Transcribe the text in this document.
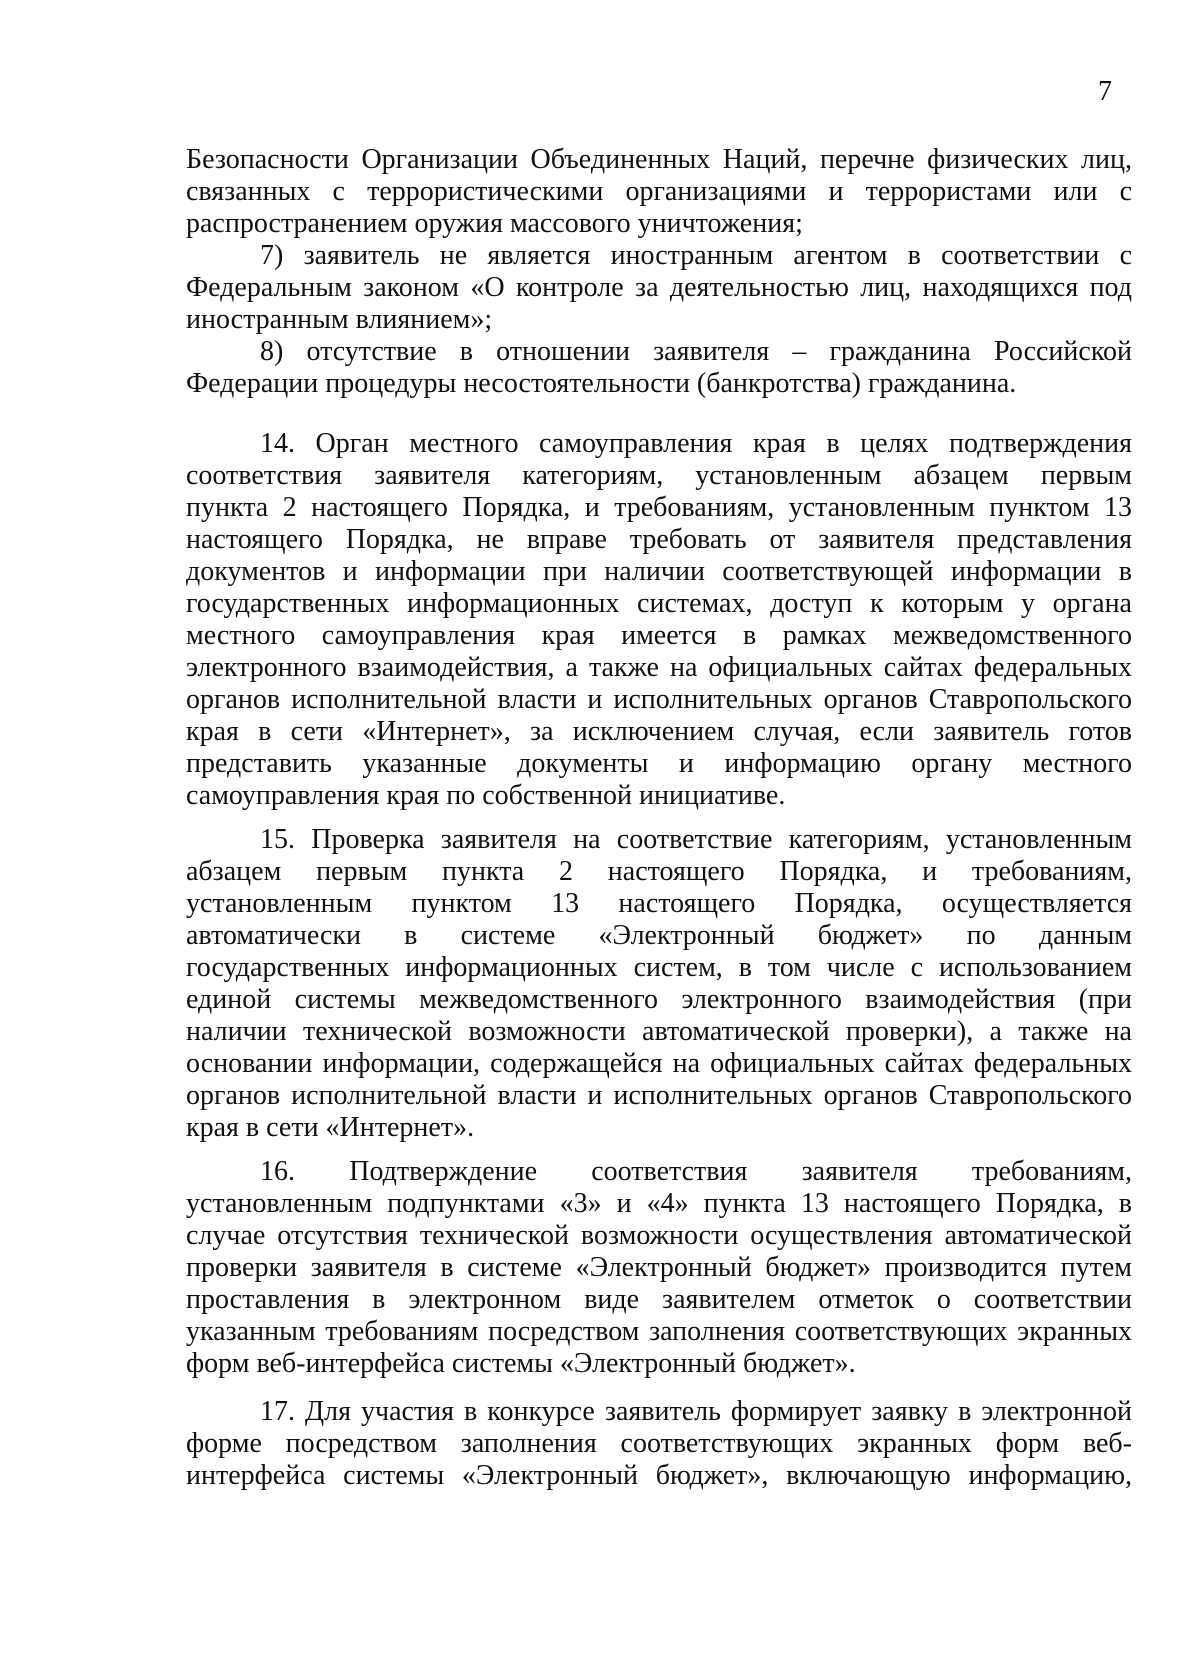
7
Безопасности Организации Объединенных Наций, перечне физических лиц,
связанных с террористическими организациями и террористами или с
распространением оружия массового уничтожения;
7) заявитель не является иностранным агентом в соответствии с
Федеральным законом «О контроле за деятельностью лиц, находящихся под
иностранным влиянием»;
8) отсутствие в отношении заявителя – гражданина Российской
Федерации процедуры несостоятельности (банкротства) гражданина.
14. Орган местного самоуправления края в целях подтверждения
соответствия заявителя категориям, установленным абзацем первым
пункта 2 настоящего Порядка, и требованиям, установленным пунктом 13
настоящего Порядка, не вправе требовать от заявителя представления
документов и информации при наличии соответствующей информации в
государственных информационных системах, доступ к которым у органа
местного самоуправления края имеется в рамках межведомственного
электронного взаимодействия, а также на официальных сайтах федеральных
органов исполнительной власти и исполнительных органов Ставропольского
края в сети «Интернет», за исключением случая, если заявитель готов
представить указанные документы и информацию органу местного
самоуправления края по собственной инициативе.
15. Проверка заявителя на соответствие категориям, установленным
абзацем первым пункта 2 настоящего Порядка, и требованиям,
установленным пунктом 13 настоящего Порядка, осуществляется
автоматически в системе «Электронный бюджет» по данным
государственных информационных систем, в том числе с использованием
единой системы межведомственного электронного взаимодействия (при
наличии технической возможности автоматической проверки), а также на
основании информации, содержащейся на официальных сайтах федеральных
органов исполнительной власти и исполнительных органов Ставропольского
края в сети «Интернет».
16. Подтверждение соответствия заявителя требованиям,
установленным подпунктами «3» и «4» пункта 13 настоящего Порядка, в
случае отсутствия технической возможности осуществления автоматической
проверки заявителя в системе «Электронный бюджет» производится путем
проставления в электронном виде заявителем отметок о соответствии
указанным требованиям посредством заполнения соответствующих экранных
форм веб-интерфейса системы «Электронный бюджет».
17. Для участия в конкурсе заявитель формирует заявку в электронной
форме посредством заполнения соответствующих экранных форм веб-
интерфейса системы «Электронный бюджет», включающую информацию,
